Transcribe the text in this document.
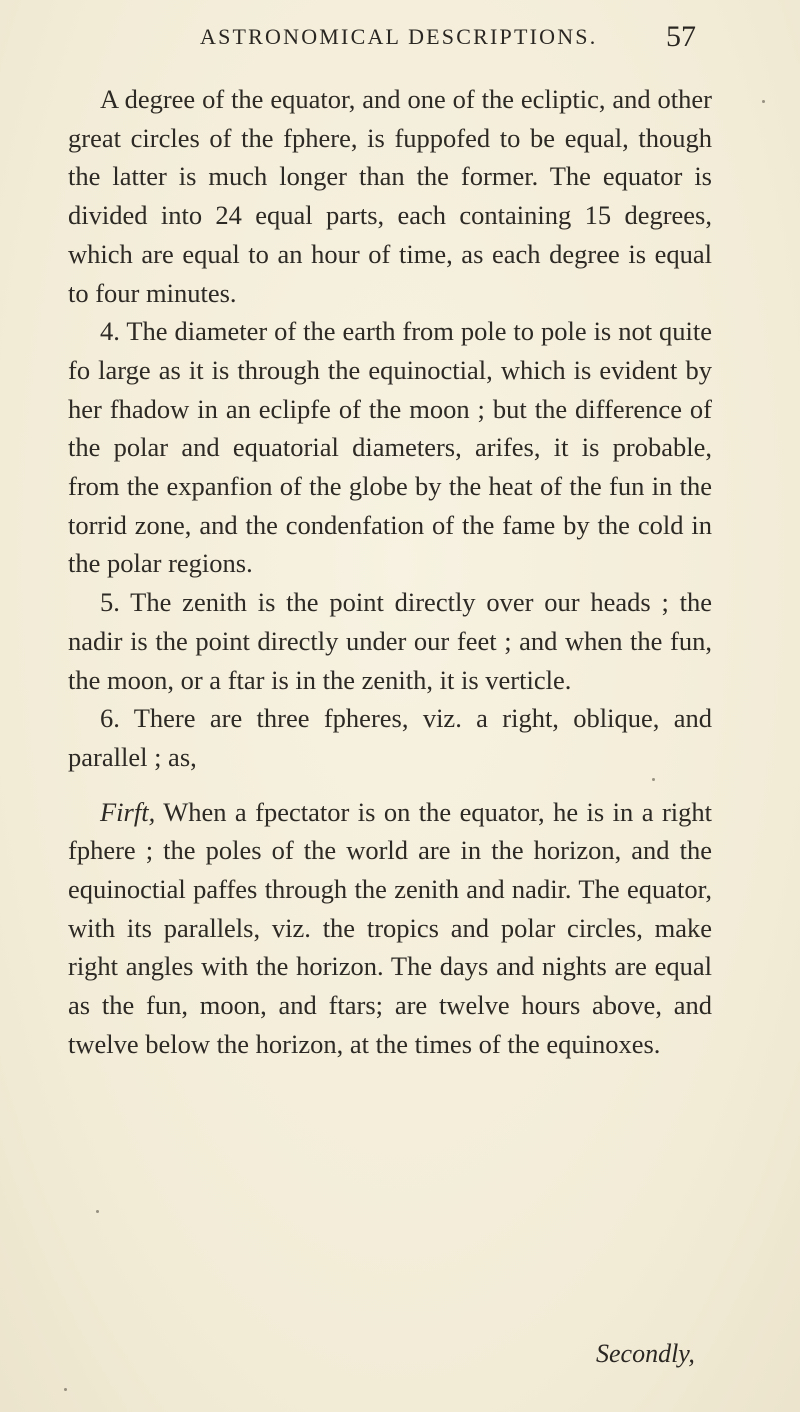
ASTRONOMICAL DESCRIPTIONS.	57

A degree of the equator, and one of the ecliptic, and other great circles of the fphere, is fuppofed to be equal, though the latter is much longer than the former. The equator is divided into 24 equal parts, each containing 15 degrees, which are equal to an hour of time, as each degree is equal to four minutes.

4. The diameter of the earth from pole to pole is not quite fo large as it is through the equinoctial, which is evident by her fhadow in an eclipfe of the moon ; but the difference of the polar and equatorial diameters, arifes, it is probable, from the expanfion of the globe by the heat of the fun in the torrid zone, and the condenfation of the fame by the cold in the polar regions.

5. The zenith is the point directly over our heads ; the nadir is the point directly under our feet ; and when the fun, the moon, or a ftar is in the zenith, it is verticle.

6. There are three fpheres, viz. a right, oblique, and parallel ; as,

Firft, When a fpectator is on the equator, he is in a right fphere ; the poles of the world are in the horizon, and the equinoctial paffes through the zenith and nadir. The equator, with its parallels, viz. the tropics and polar circles, make right angles with the horizon. The days and nights are equal as the fun, moon, and ftars; are twelve hours above, and twelve below the horizon, at the times of the equinoxes.

Secondly,
